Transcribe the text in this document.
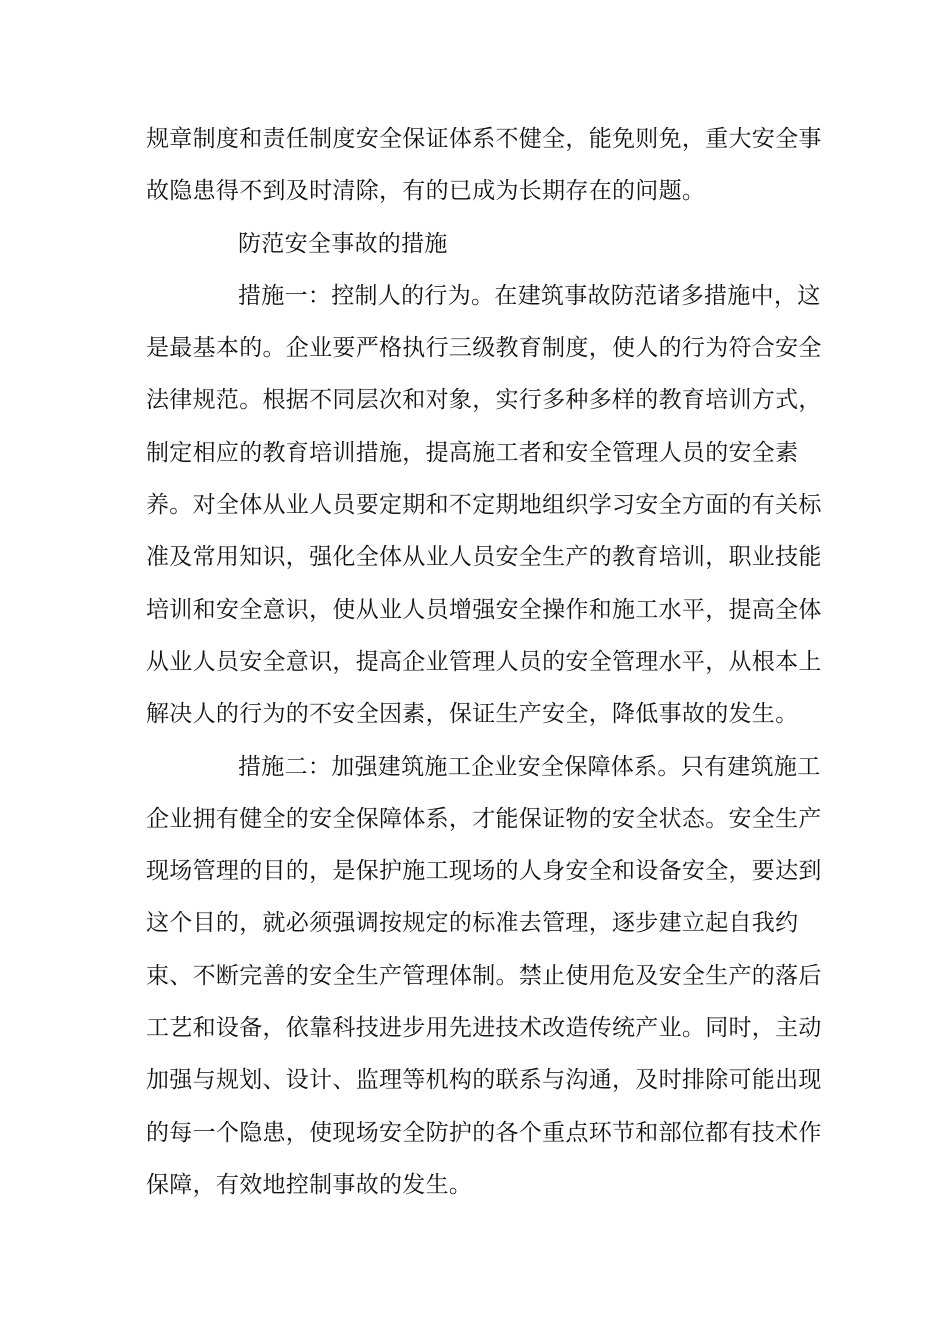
规章制度和责任制度安全保证体系不健全，能免则免，重大安全事
故隐患得不到及时清除，有的已成为长期存在的问题。
防范安全事故的措施
措施一：控制人的行为。在建筑事故防范诸多措施中，这
是最基本的。企业要严格执行三级教育制度，使人的行为符合安全
法律规范。根据不同层次和对象，实行多种多样的教育培训方式，
制定相应的教育培训措施，提高施工者和安全管理人员的安全素
养。对全体从业人员要定期和不定期地组织学习安全方面的有关标
准及常用知识，强化全体从业人员安全生产的教育培训，职业技能
培训和安全意识，使从业人员增强安全操作和施工水平，提高全体
从业人员安全意识，提高企业管理人员的安全管理水平，从根本上
解决人的行为的不安全因素，保证生产安全，降低事故的发生。
措施二：加强建筑施工企业安全保障体系。只有建筑施工
企业拥有健全的安全保障体系，才能保证物的安全状态。安全生产
现场管理的目的，是保护施工现场的人身安全和设备安全，要达到
这个目的，就必须强调按规定的标准去管理，逐步建立起自我约
束、不断完善的安全生产管理体制。禁止使用危及安全生产的落后
工艺和设备，依靠科技进步用先进技术改造传统产业。同时，主动
加强与规划、设计、监理等机构的联系与沟通，及时排除可能出现
的每一个隐患，使现场安全防护的各个重点环节和部位都有技术作
保障，有效地控制事故的发生。
